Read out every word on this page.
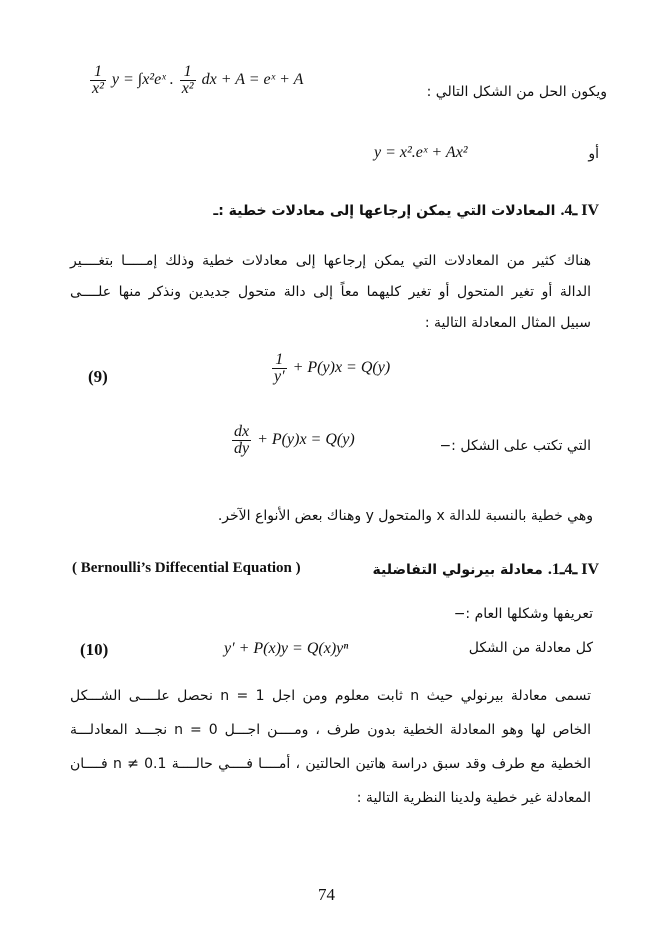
ويكون الحل من الشكل التالي :
$\frac{1}{\text{x²}}$ y = ∫x²eˣ . $\frac{1}{\text{x²}}$ dx + A = eˣ + A
أو
y = x².eˣ + Ax²
IV ـ4. المعادلات التي يمكن إرجاعها إلى معادلات خطية :ـ
هناك كثير من المعادلات التي يمكن إرجاعها إلى معادلات خطية وذلك إمـــــا بتغــــير
الدالة أو تغير المتحول أو تغير كليهما معاً إلى دالة متحول جديدين ونذكر منها علــــى
سبيل المثال المعادلة التالية :
(9)	$\frac{1}{y'} + P(y)x = Q(y)$
التي تكتب على الشكل :−
$\frac{dx}{dy} + P(y)x = Q(y)$
وهي خطية بالنسبة للدالة x والمتحول y وهناك بعض الأنواع الآخر.
IV ـ4ـ1. معادلة بيرنولي التفاضلية
( Bernoulli’s Diffecential Equation )
تعريفها وشكلها العام :−
(10)	y′ + P(x)y = Q(x)yⁿ	كل معادلة من الشكل
تسمى معادلة بيرنولي حيث n ثابت معلوم ومن اجل n = 1 نحصل علــــى الشـــكل
الخاص لها وهو المعادلة الخطية بدون طرف ، ومــــن اجـــل n = 0 نجـــد المعادلـــة
الخطية مع طرف وقد سبق دراسة هاتين الحالتين ، أمــــا فــــي حالــــة n ≠ 0.1 فــــان
المعادلة غير خطية ولدينا النظرية التالية :
74
